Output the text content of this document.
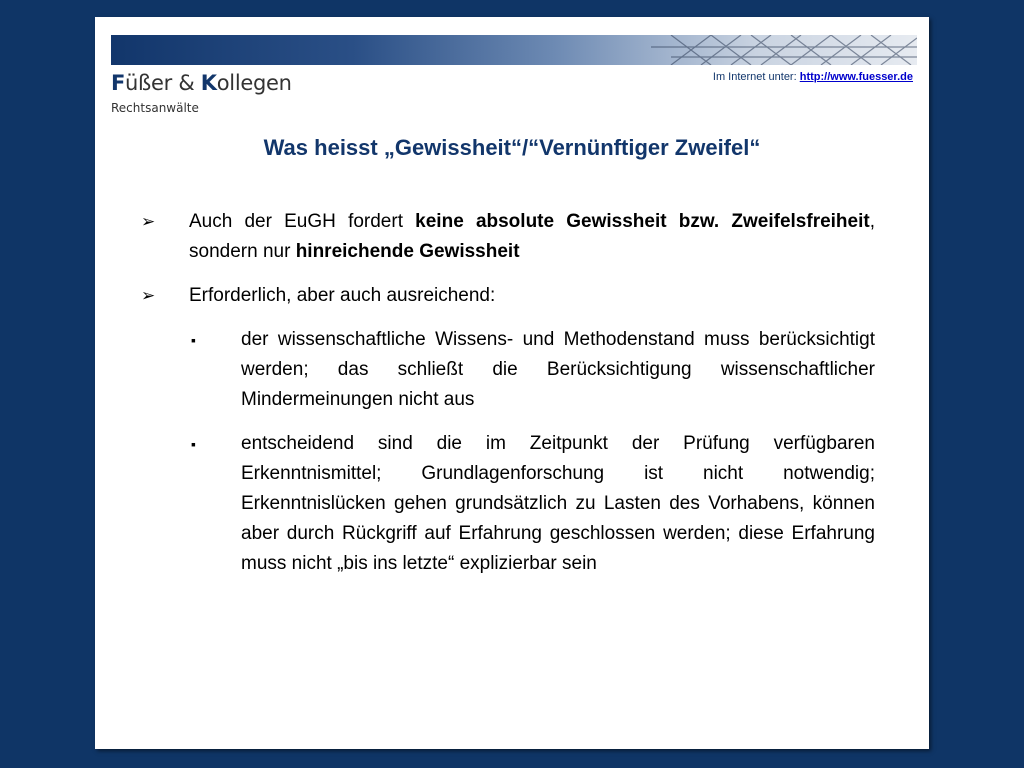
Füßer & Kollegen
Rechtsanwälte
Im Internet unter: http://www.fuesser.de
Was heisst „Gewissheit“/“Vernünftiger Zweifel“
➢ Auch der EuGH fordert keine absolute Gewissheit bzw. Zweifelsfreiheit, sondern nur hinreichende Gewissheit
➢ Erforderlich, aber auch ausreichend:
▪ der wissenschaftliche Wissens- und Methodenstand muss berücksichtigt werden; das schließt die Berücksichtigung wissenschaftlicher Mindermeinungen nicht aus
▪ entscheidend sind die im Zeitpunkt der Prüfung verfügbaren Erkenntnismittel; Grundlagenforschung ist nicht notwendig; Erkenntnislücken gehen grundsätzlich zu Lasten des Vorhabens, können aber durch Rückgriff auf Erfahrung geschlossen werden; diese Erfahrung muss nicht „bis ins letzte“ explizierbar sein
